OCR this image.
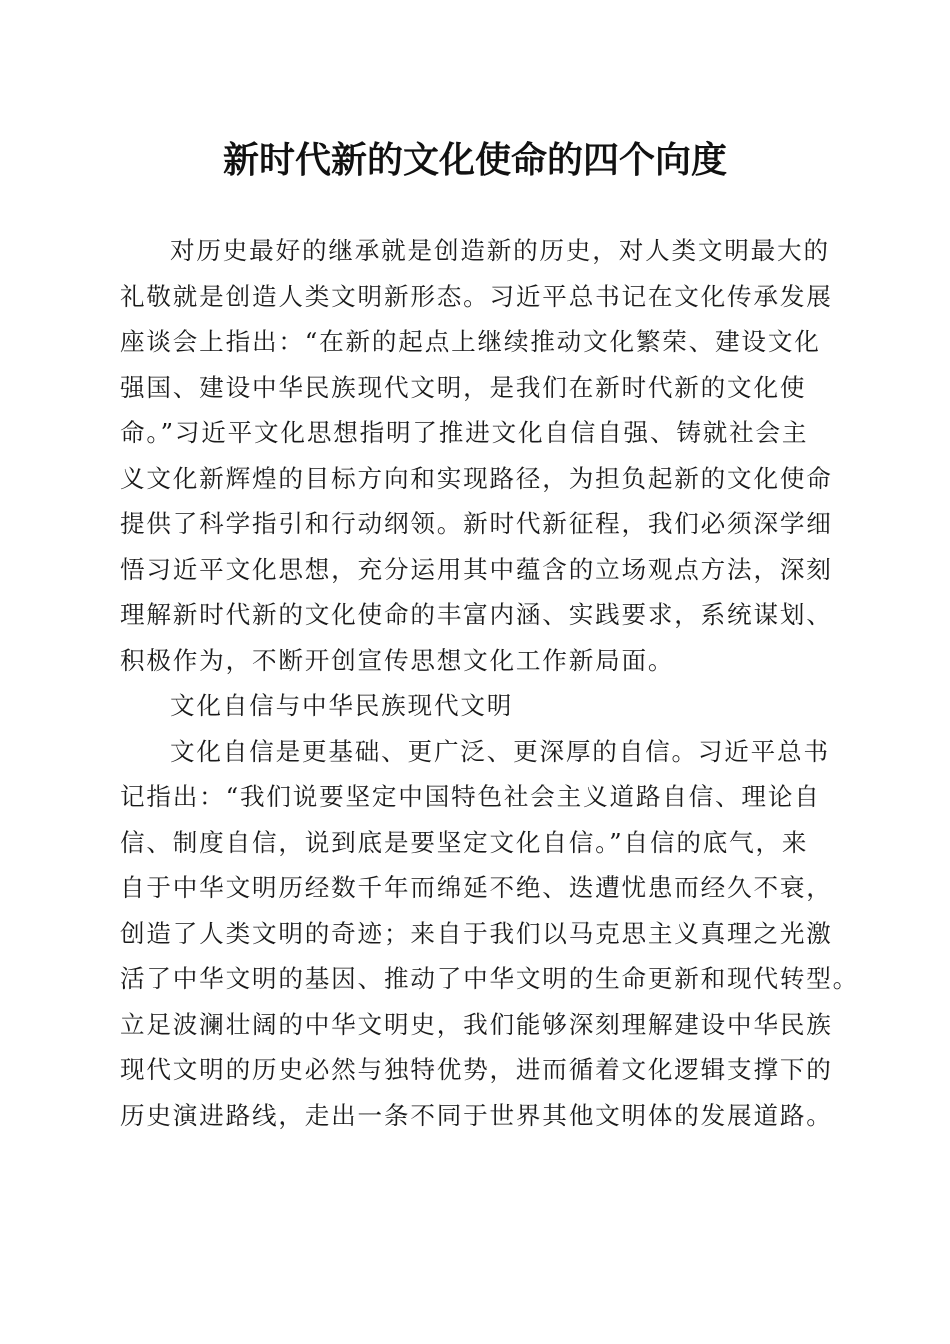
新时代新的文化使命的四个向度
对历史最好的继承就是创造新的历史，对人类文明最大的
礼敬就是创造人类文明新形态。习近平总书记在文化传承发展
座谈会上指出：“在新的起点上继续推动文化繁荣、建设文化
强国、建设中华民族现代文明，是我们在新时代新的文化使
命。”习近平文化思想指明了推进文化自信自强、铸就社会主
义文化新辉煌的目标方向和实现路径，为担负起新的文化使命
提供了科学指引和行动纲领。新时代新征程，我们必须深学细
悟习近平文化思想，充分运用其中蕴含的立场观点方法，深刻
理解新时代新的文化使命的丰富内涵、实践要求，系统谋划、
积极作为，不断开创宣传思想文化工作新局面。
文化自信与中华民族现代文明
文化自信是更基础、更广泛、更深厚的自信。习近平总书
记指出：“我们说要坚定中国特色社会主义道路自信、理论自
信、制度自信，说到底是要坚定文化自信。”自信的底气，来
自于中华文明历经数千年而绵延不绝、迭遭忧患而经久不衰，
创造了人类文明的奇迹；来自于我们以马克思主义真理之光激
活了中华文明的基因、推动了中华文明的生命更新和现代转型。
立足波澜壮阔的中华文明史，我们能够深刻理解建设中华民族
现代文明的历史必然与独特优势，进而循着文化逻辑支撑下的
历史演进路线，走出一条不同于世界其他文明体的发展道路。
